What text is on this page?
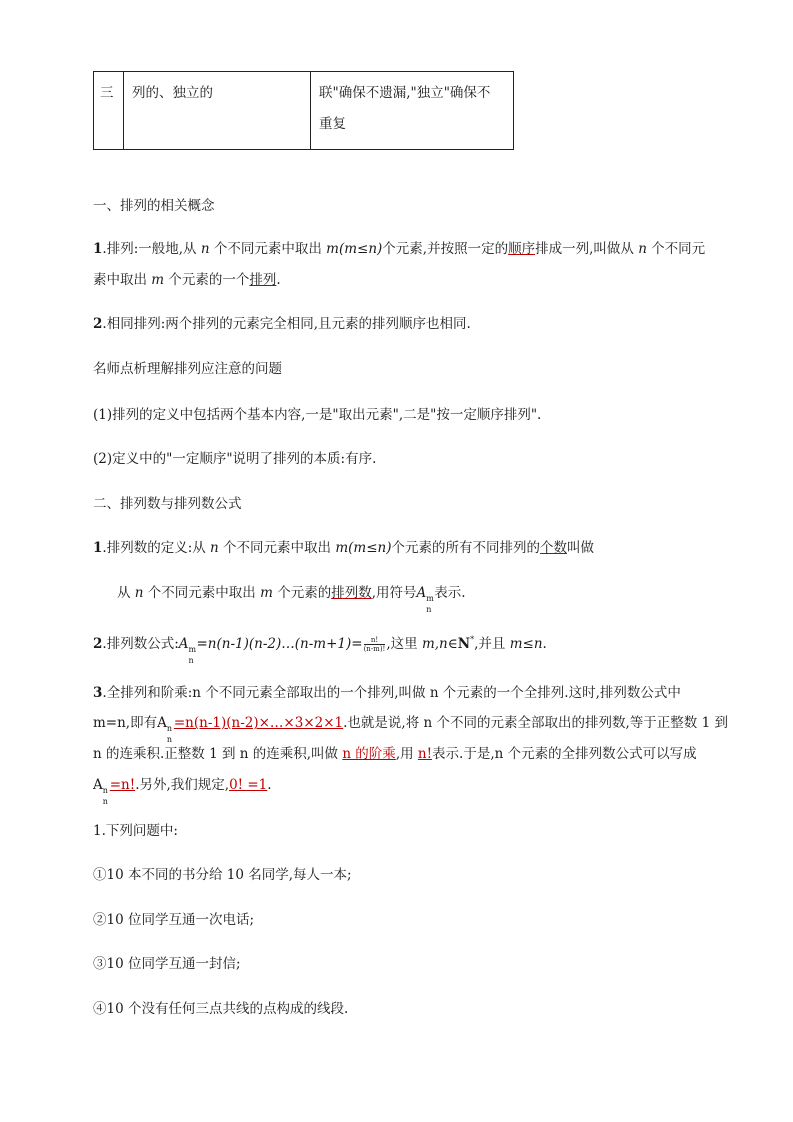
三 列的、独立的	联"确保不遗漏,"独立"确保不
重复
一、排列的相关概念
1.排列:一般地,从 n 个不同元素中取出 m(m≤n)个元素,并按照一定的顺序排成一列,叫做从 n 个不同元
素中取出 m 个元素的一个排列.
2.相同排列:两个排列的元素完全相同,且元素的排列顺序也相同.
名师点析理解排列应注意的问题
(1)排列的定义中包括两个基本内容,一是"取出元素",二是"按一定顺序排列".
(2)定义中的"一定顺序"说明了排列的本质:有序.
二、排列数与排列数公式
1.排列数的定义:从 n 个不同元素中取出 m(m≤n)个元素的所有不同排列的个数叫做
从 n 个不同元素中取出 m 个元素的排列数,用符号A m
n
表示.
2.排列数公式:A m
n
=n(n-1)(n-2)…(n-m+1)= $\frac{n!}{(n-m)!}$ ,这里 m,n∈N*,并且 m≤n.
3.全排列和阶乘:n 个不同元素全部取出的一个排列,叫做 n 个元素的一个全排列.这时,排列数公式中
m=n,即有A n
n
=n(n-1)(n-2)×…×3×2×1.也就是说,将 n 个不同的元素全部取出的排列数,等于正整数 1 到
n 的连乘积.正整数 1 到 n 的连乘积,叫做 n 的阶乘,用 n!表示.于是,n 个元素的全排列数公式可以写成
A n
n
=n!.另外,我们规定,0! =1.
1.下列问题中:
①10 本不同的书分给 10 名同学,每人一本;
②10 位同学互通一次电话;
③10 位同学互通一封信;
④10 个没有任何三点共线的点构成的线段.
